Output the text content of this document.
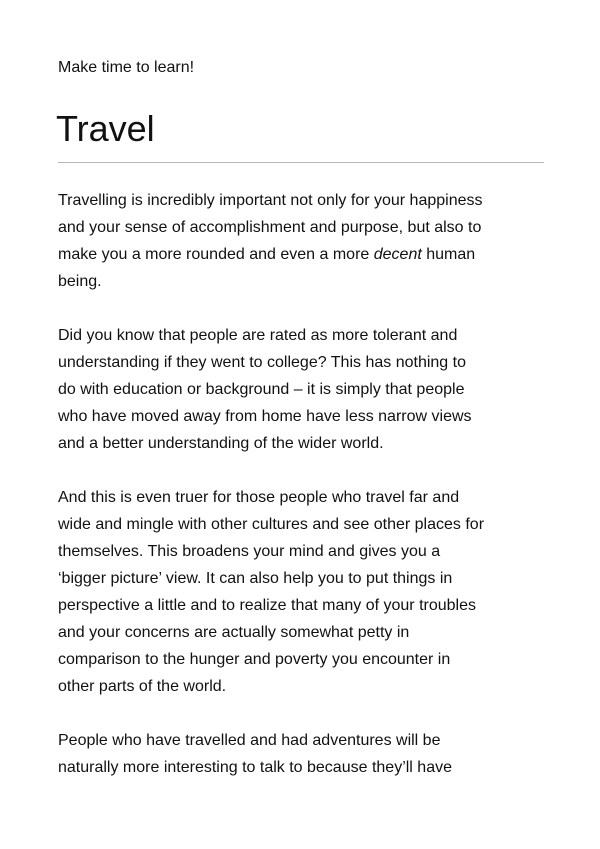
Make time to learn!
Travel

Travelling is incredibly important not only for your happiness
and your sense of accomplishment and purpose, but also to
make you a more rounded and even a more decent human
being.

Did you know that people are rated as more tolerant and
understanding if they went to college? This has nothing to
do with education or background – it is simply that people
who have moved away from home have less narrow views
and a better understanding of the wider world.

And this is even truer for those people who travel far and
wide and mingle with other cultures and see other places for
themselves. This broadens your mind and gives you a
‘bigger picture’ view. It can also help you to put things in
perspective a little and to realize that many of your troubles
and your concerns are actually somewhat petty in
comparison to the hunger and poverty you encounter in
other parts of the world.

People who have travelled and had adventures will be
naturally more interesting to talk to because they’ll have
